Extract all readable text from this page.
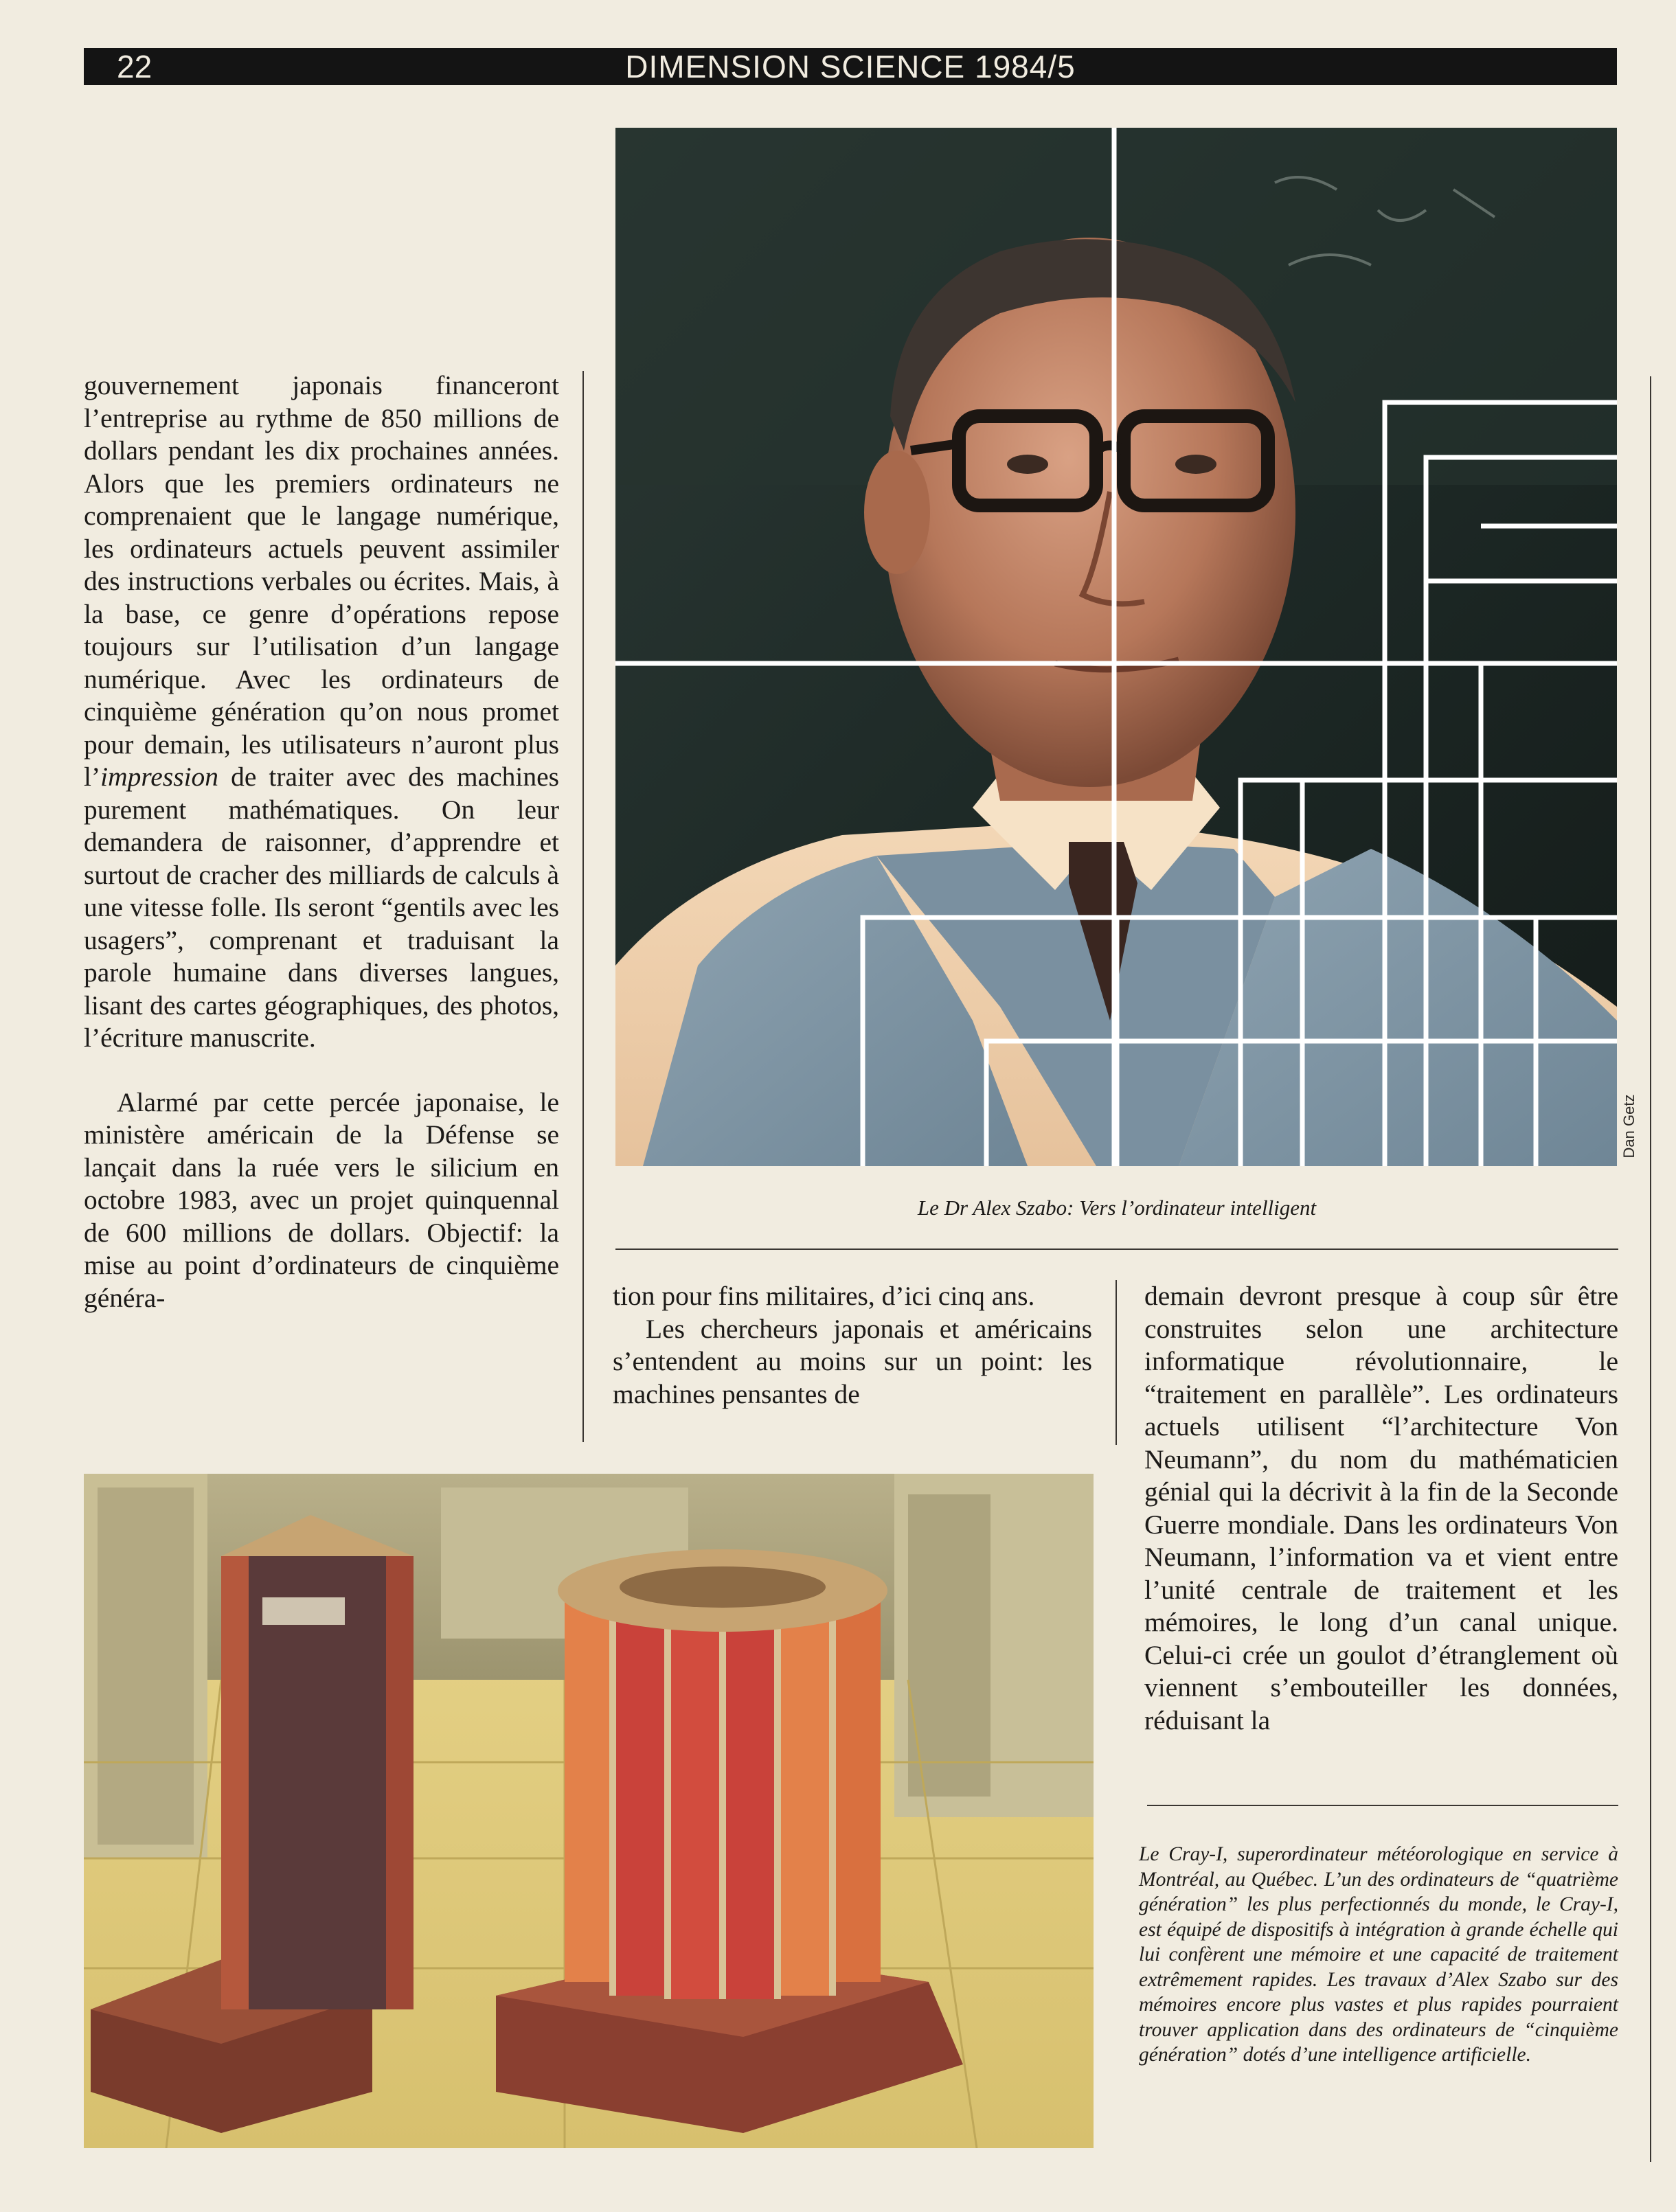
22	DIMENSION SCIENCE 1984/5
Dan Getz
Le Dr Alex Szabo: Vers l’ordinateur intelligent

gouvernement japonais financeront l’entreprise au rythme de 850 millions de dollars pendant les dix prochaines années. Alors que les premiers ordinateurs ne comprenaient que le langage numérique, les ordinateurs actuels peuvent assimiler des instructions verbales ou écrites. Mais, à la base, ce genre d’opérations repose toujours sur l’utilisation d’un langage numérique. Avec les ordinateurs de cinquième génération qu’on nous promet pour demain, les utilisateurs n’auront plus l’impression de traiter avec des machines purement mathématiques. On leur demandera de raisonner, d’apprendre et surtout de cracher des milliards de calculs à une vitesse folle. Ils seront “gentils avec les usagers”, comprenant et traduisant la parole humaine dans diverses langues, lisant des cartes géographiques, des photos, l’écriture manuscrite.

Alarmé par cette percée japonaise, le ministère américain de la Défense se lançait dans la ruée vers le silicium en octobre 1983, avec un projet quinquennal de 600 millions de dollars. Objectif: la mise au point d’ordinateurs de cinquième généra-	tion pour fins militaires, d’ici cinq ans.

Les chercheurs japonais et américains s’entendent au moins sur un point: les machines pensantes de

demain devront presque à coup sûr être construites selon une architecture informatique révolutionnaire, le “traitement en parallèle”. Les ordinateurs actuels utilisent “l’architecture Von Neumann”, du nom du mathématicien génial qui la décrivit à la fin de la Seconde Guerre mondiale. Dans les ordinateurs Von Neumann, l’information va et vient entre l’unité centrale de traitement et les mémoires, le long d’un canal unique. Celui-ci crée un goulot d’étranglement où viennent s’embouteiller les données, réduisant la

Le Cray-I, superordinateur météorologique en service à Montréal, au Québec. L’un des ordinateurs de “quatrième génération” les plus perfectionnés du monde, le Cray-I, est équipé de dispositifs à intégration à grande échelle qui lui confèrent une mémoire et une capacité de traitement extrêmement rapides. Les travaux d’Alex Szabo sur des mémoires encore plus vastes et plus rapides pourraient trouver application dans des ordinateurs de “cinquième génération” dotés d’une intelligence artificielle.
